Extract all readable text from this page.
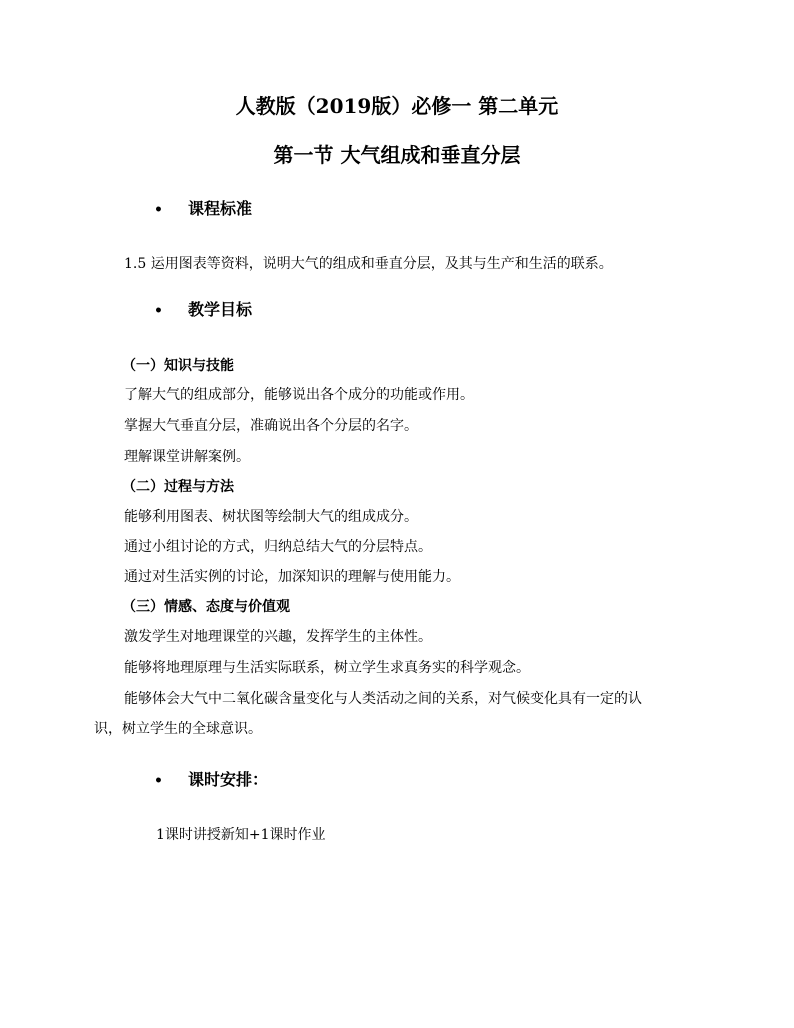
人教版（2019版）必修一 第二单元
第一节 大气组成和垂直分层
• 课程标准
1.5 运用图表等资料，说明大气的组成和垂直分层，及其与生产和生活的联系。
• 教学目标
（一）知识与技能
了解大气的组成部分，能够说出各个成分的功能或作用。
掌握大气垂直分层，准确说出各个分层的名字。
理解课堂讲解案例。
（二）过程与方法
能够利用图表、树状图等绘制大气的组成成分。
通过小组讨论的方式，归纳总结大气的分层特点。
通过对生活实例的讨论，加深知识的理解与使用能力。
（三）情感、态度与价值观
激发学生对地理课堂的兴趣，发挥学生的主体性。
能够将地理原理与生活实际联系，树立学生求真务实的科学观念。
能够体会大气中二氧化碳含量变化与人类活动之间的关系，对气候变化具有一定的认
识，树立学生的全球意识。
• 课时安排：
1课时讲授新知+1课时作业
